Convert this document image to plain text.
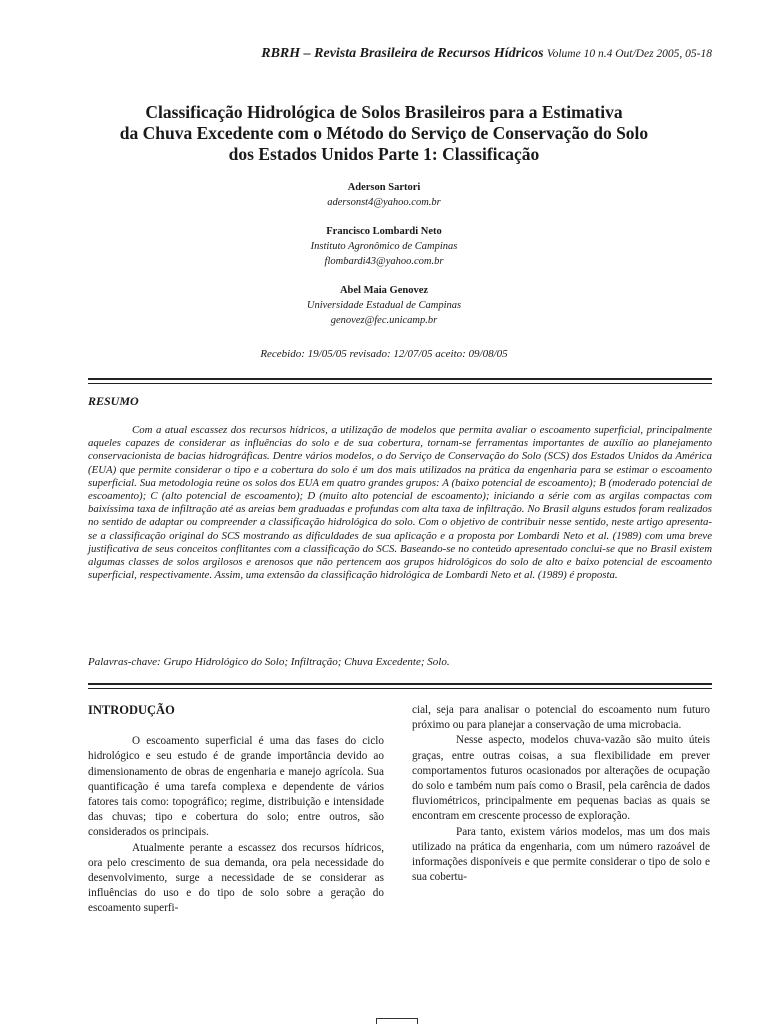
RBRH – Revista Brasileira de Recursos Hídricos Volume 10 n.4 Out/Dez 2005, 05-18
Classificação Hidrológica de Solos Brasileiros para a Estimativa
da Chuva Excedente com o Método do Serviço de Conservação do Solo
dos Estados Unidos Parte 1: Classificação
Aderson Sartori
adersonst4@yahoo.com.br
Francisco Lombardi Neto
Instituto Agronômico de Campinas
flombardi43@yahoo.com.br
Abel Maia Genovez
Universidade Estadual de Campinas
genovez@fec.unicamp.br
Recebido: 19/05/05 revisado: 12/07/05 aceito: 09/08/05
RESUMO

Com a atual escassez dos recursos hídricos, a utilização de modelos que permita avaliar o escoamento superficial, principalmente aqueles capazes de considerar as influências do solo e de sua cobertura, tornam-se ferramentas importantes de auxílio ao planejamento conservacionista de bacias hidrográficas. Dentre vários modelos, o do Serviço de Conservação do Solo (SCS) dos Estados Unidos da América (EUA) que permite considerar o tipo e a cobertura do solo é um dos mais utilizados na prática da engenharia para se estimar o escoamento superficial. Sua metodologia reúne os solos dos EUA em quatro grandes grupos: A (baixo potencial de escoamento); B (moderado potencial de escoamento); C (alto potencial de escoamento); D (muito alto potencial de escoamento); iniciando a série com as argilas compactas com baixíssima taxa de infiltração até as areias bem graduadas e profundas com alta taxa de infiltração. No Brasil alguns estudos foram realizados no sentido de adaptar ou compreender a classificação hidrológica do solo. Com o objetivo de contribuir nesse sentido, neste artigo apresenta-se a classificação original do SCS mostrando as dificuldades de sua aplicação e a proposta por Lombardi Neto et al. (1989) com uma breve justificativa de seus conceitos conflitantes com a classificação do SCS. Baseando-se no conteúdo apresentado conclui-se que no Brasil existem algumas classes de solos argilosos e arenosos que não pertencem aos grupos hidrológicos do solo de alto e baixo potencial de escoamento superficial, respectivamente. Assim, uma extensão da classificação hidrológica de Lombardi Neto et al. (1989) é proposta.

Palavras-chave: Grupo Hidrológico do Solo; Infiltração; Chuva Excedente; Solo.
INTRODUÇÃO

O escoamento superficial é uma das fases do ciclo hidrológico e seu estudo é de grande importância devido ao dimensionamento de obras de engenharia e manejo agrícola. Sua quantificação é uma tarefa complexa e dependente de vários fatores tais como: topográfico; regime, distribuição e intensidade das chuvas; tipo e cobertura do solo; entre outros, são considerados os principais.

Atualmente perante a escassez dos recursos hídricos, ora pelo crescimento de sua demanda, ora pela necessidade do desenvolvimento, surge a necessidade de se considerar as influências do uso e do tipo de solo sobre a geração do escoamento superfi-

cial, seja para analisar o potencial do escoamento num futuro próximo ou para planejar a conservação de uma microbacia.

Nesse aspecto, modelos chuva-vazão são muito úteis graças, entre outras coisas, a sua flexibilidade em prever comportamentos futuros ocasionados por alterações de ocupação do solo e também num país como o Brasil, pela carência de dados fluviométricos, principalmente em pequenas bacias as quais se encontram em crescente processo de exploração.

Para tanto, existem vários modelos, mas um dos mais utilizado na prática da engenharia, com um número razoável de informações disponíveis e que permite considerar o tipo de solo e sua cobertu-
